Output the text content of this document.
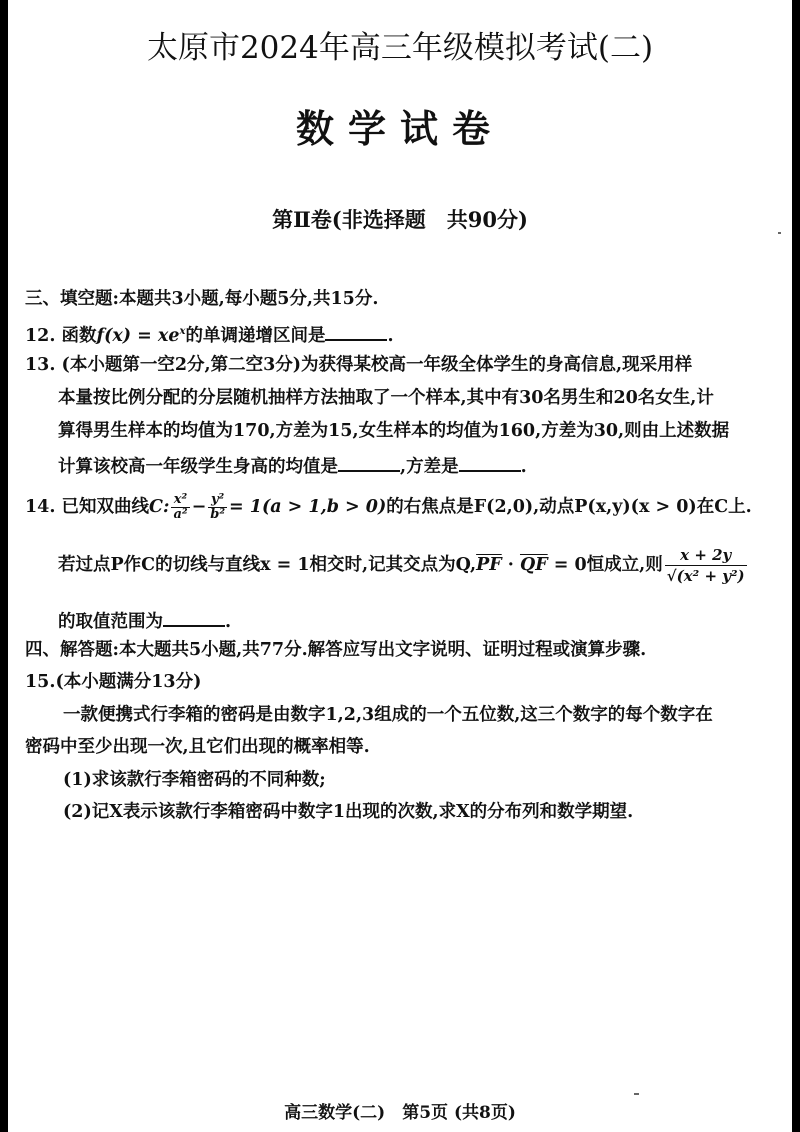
太原市2024年高三年级模拟考试(二)
数学试卷
第Ⅱ卷(非选择题　共90分)
三、填空题:本题共3小题,每小题5分,共15分.
12. 函数$f(x) = xe^x$的单调递增区间是	.
13. (本小题第一空2分,第二空3分)为获得某校高一年级全体学生的身高信息,现采用样
本量按比例分配的分层随机抽样方法抽取了一个样本,其中有30名男生和20名女生,计
算得男生样本的均值为170,方差为15,女生样本的均值为160,方差为30,则由上述数据
计算该校高一年级学生身高的均值是	,方差是	.
14. 已知双曲线C: $\frac{\text{x²}}{\text{a²}} - \frac{\text{y²}}{\text{b²}} = 1(a > 1,b > 0)$的右焦点是F(2,0),动点P(x,y)(x > 0)在C上.
若过点P作C的切线与直线x = 1相交时,记其交点为$Q,\overline{PF} \cdot \overline{QF} = 0$恒成立,则 $\frac{x + 2y}{\text{√(x² + y²)}}$
的取值范围为	.
四、解答题:本大题共5小题,共77分.解答应写出文字说明、证明过程或演算步骤.
15.(本小题满分13分)
一款便携式行李箱的密码是由数字1,2,3组成的一个五位数,这三个数字的每个数字在
密码中至少出现一次,且它们出现的概率相等.
(1)求该款行李箱密码的不同种数;
(2)记X表示该款行李箱密码中数字1出现的次数,求X的分布列和数学期望.
高三数学(二)　第5页 (共8页)
